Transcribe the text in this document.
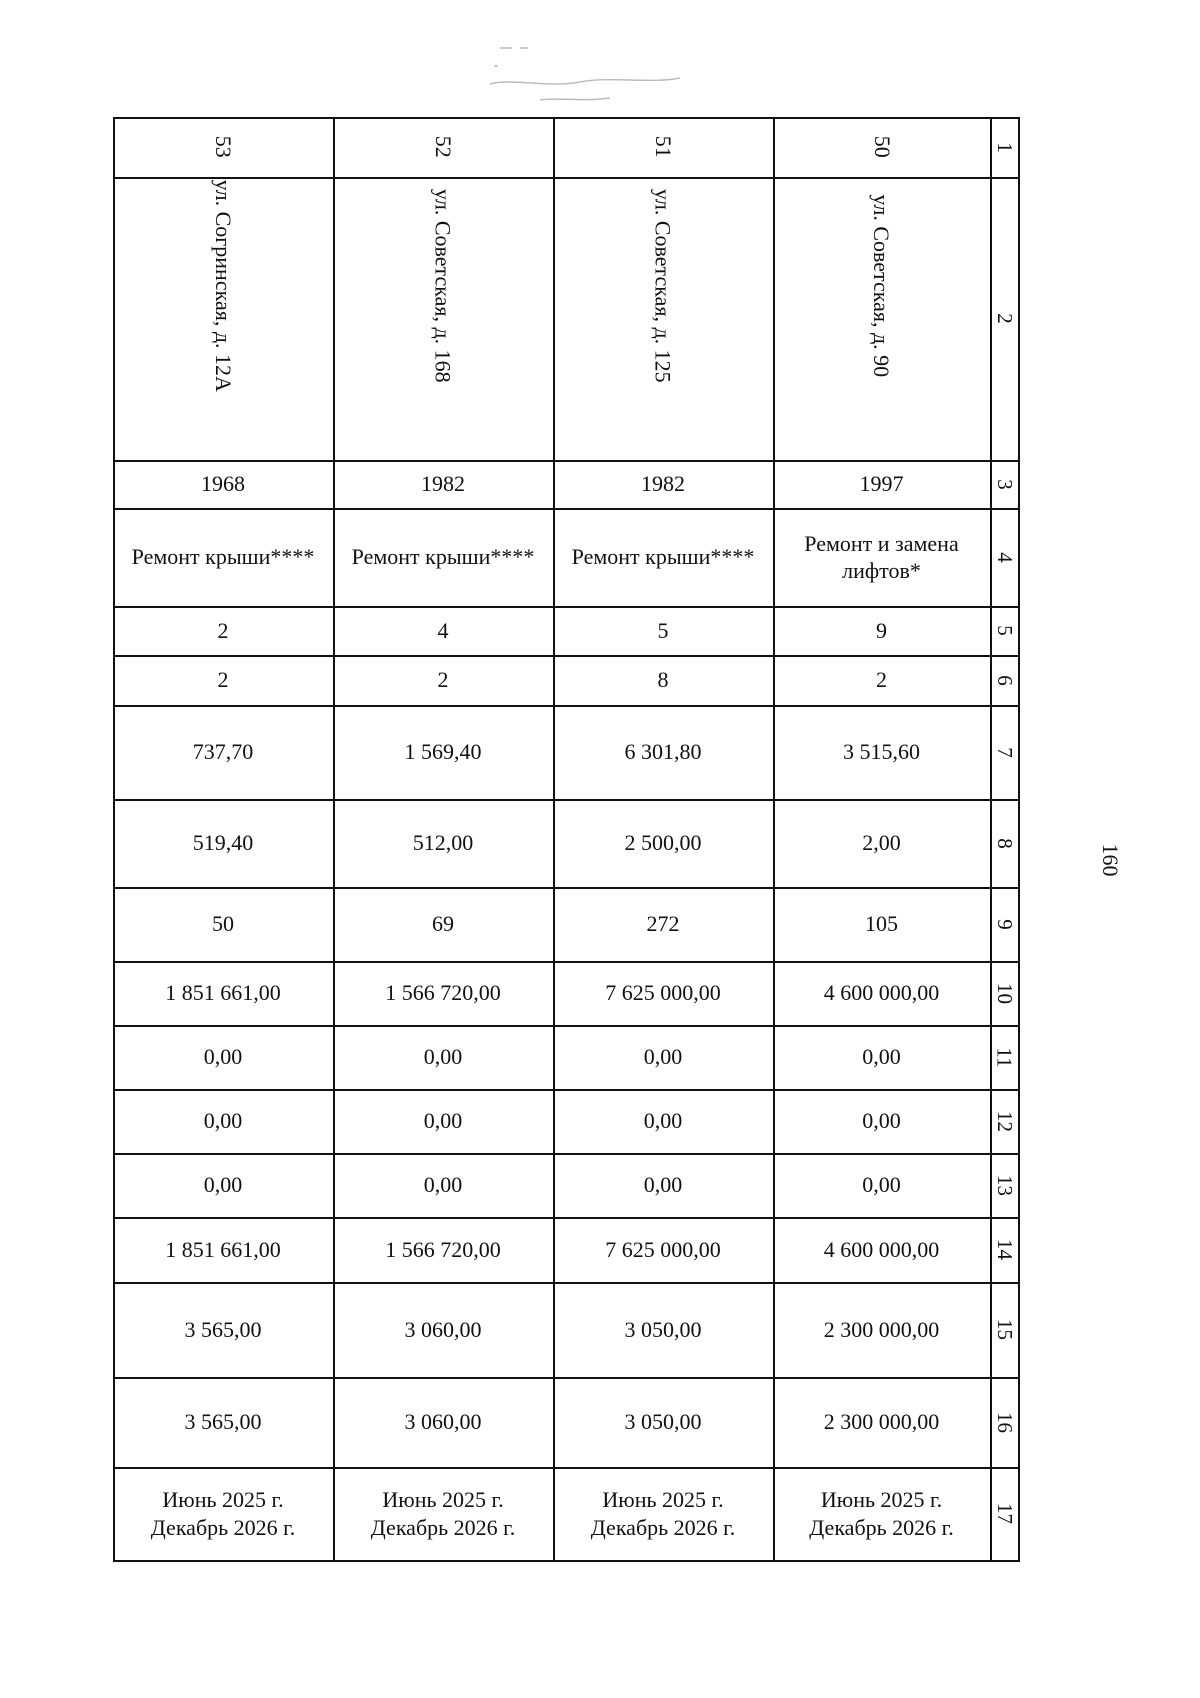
1
2
3
4
5
6
7
8
9
10
11
12
13
14
15
16
17
53
ул. Согринская, д. 12А
1968
Ремонт крыши****
2
2
737,70
519,40
50
1 851 661,00
0,00
0,00
0,00
1 851 661,00
3 565,00
3 565,00
Июнь 2025 г.
Декабрь 2026 г.
52
ул. Советская, д. 168
1982
Ремонт крыши****
4
2
1 569,40
512,00
69
1 566 720,00
0,00
0,00
0,00
1 566 720,00
3 060,00
3 060,00
Июнь 2025 г.
Декабрь 2026 г.
51
ул. Советская, д. 125
1982
Ремонт крыши****
5
8
6 301,80
2 500,00
272
7 625 000,00
0,00
0,00
0,00
7 625 000,00
3 050,00
3 050,00
Июнь 2025 г.
Декабрь 2026 г.
50
ул. Советская, д. 90
1997
Ремонт и замена лифтов*
9
2
3 515,60
2,00
105
4 600 000,00
0,00
0,00
0,00
4 600 000,00
2 300 000,00
2 300 000,00
Июнь 2025 г.
Декабрь 2026 г.
160
